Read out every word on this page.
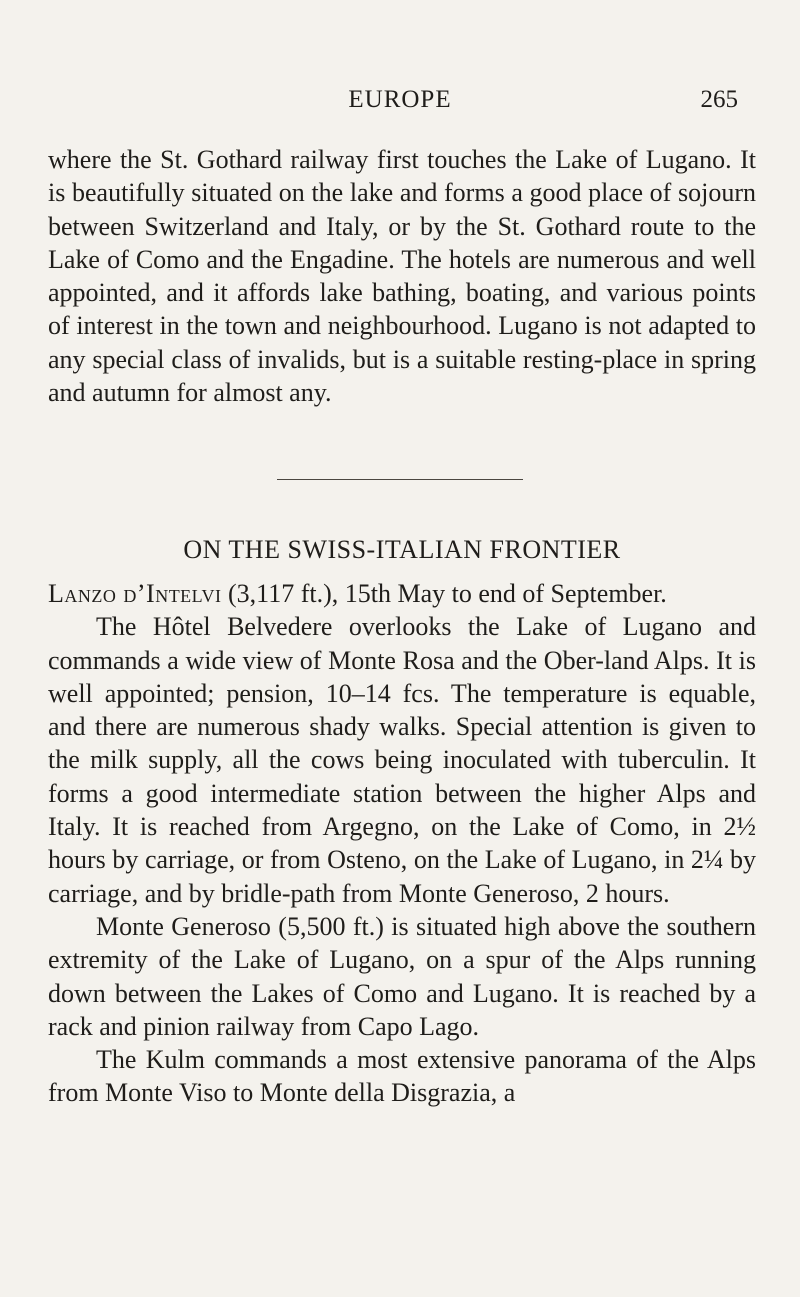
EUROPE	265

where the St. Gothard railway first touches the Lake of Lugano. It is beautifully situated on the lake and forms a good place of sojourn between Switzerland and Italy, or by the St. Gothard route to the Lake of Como and the Engadine. The hotels are numerous and well appointed, and it affords lake bathing, boating, and various points of interest in the town and neighbourhood. Lugano is not adapted to any special class of invalids, but is a suitable resting-place in spring and autumn for almost any.

ON THE SWISS-ITALIAN FRONTIER

Lanzo d’Intelvi (3,117 ft.), 15th May to end of September.

The Hôtel Belvedere overlooks the Lake of Lugano and commands a wide view of Monte Rosa and the Ober-land Alps. It is well appointed; pension, 10–14 fcs. The temperature is equable, and there are numerous shady walks. Special attention is given to the milk supply, all the cows being inoculated with tuberculin. It forms a good intermediate station between the higher Alps and Italy. It is reached from Argegno, on the Lake of Como, in 2½ hours by carriage, or from Osteno, on the Lake of Lugano, in 2¼ by carriage, and by bridle-path from Monte Generoso, 2 hours.

Monte Generoso (5,500 ft.) is situated high above the southern extremity of the Lake of Lugano, on a spur of the Alps running down between the Lakes of Como and Lugano. It is reached by a rack and pinion railway from Capo Lago.

The Kulm commands a most extensive panorama of the Alps from Monte Viso to Monte della Disgrazia, a
